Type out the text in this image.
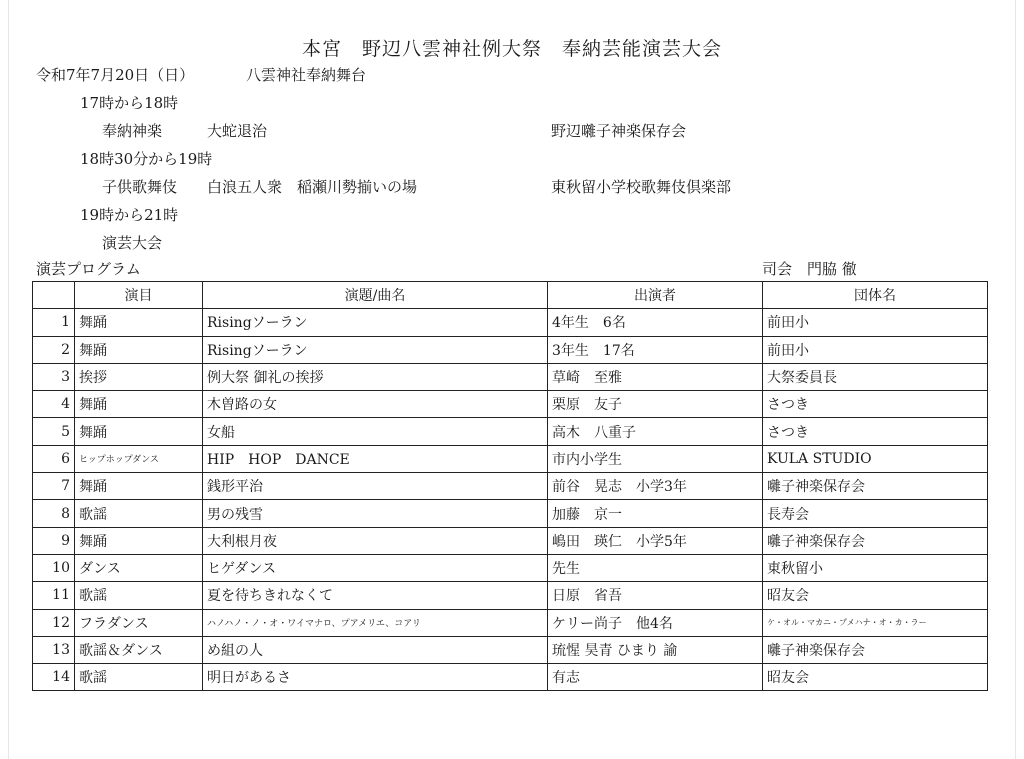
本宮　野辺八雲神社例大祭　奉納芸能演芸大会
令和7年7月20日（日）	八雲神社奉納舞台
17時から18時
奉納神楽	大蛇退治	野辺囃子神楽保存会
18時30分から19時
子供歌舞伎 白浪五人衆　稲瀬川勢揃いの場	東秋留小学校歌舞伎倶楽部
19時から21時
演芸大会
演芸プログラム	司会　門脇 徹
	演目	演題/曲名	出演者	団体名
1	舞踊	Risingソーラン	4年生　6名	前田小
2	舞踊	Risingソーラン	3年生　17名	前田小
3	挨拶	例大祭 御礼の挨拶	草崎　至雅	大祭委員長
4	舞踊	木曽路の女	栗原　友子	さつき
5	舞踊	女船	高木　八重子	さつき
6	ヒップホップダンス	HIP　HOP　DANCE	市内小学生	KULA STUDIO
7	舞踊	銭形平治	前谷　晃志　小学3年	囃子神楽保存会
8	歌謡	男の残雪	加藤　京一	長寿会
9	舞踊	大利根月夜	嶋田　瑛仁　小学5年	囃子神楽保存会
10	ダンス	ヒゲダンス	先生	東秋留小
11	歌謡	夏を待ちきれなくて	日原　省吾	昭友会
12	フラダンス	ハノハノ・ノ・オ・ワイマナロ、プアメリエ、コアリ	ケリー尚子　他4名	ケ・オル・マカニ・プメハナ・オ・カ・ラー
13	歌謡＆ダンス	め組の人	琉惺 昊青 ひまり 諭	囃子神楽保存会
14	歌謡	明日があるさ	有志	昭友会
